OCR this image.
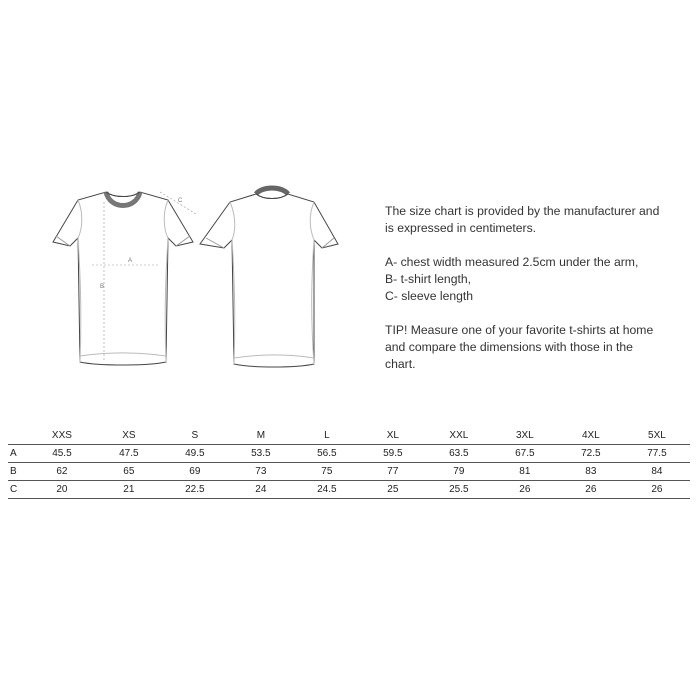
A
B
C

The size chart is provided by the manufacturer and
is expressed in centimeters.

A- chest width measured 2.5cm under the arm,
B- t-shirt length,
C- sleeve length

TIP! Measure one of your favorite t-shirts at home
and compare the dimensions with those in the
chart.

	XXS	XS	S	M	L	XL	XXL	3XL	4XL	5XL
A	45.5	47.5	49.5	53.5	56.5	59.5	63.5	67.5	72.5	77.5
B	62	65	69	73	75	77	79	81	83	84
C	20	21	22.5	24	24.5	25	25.5	26	26	26
